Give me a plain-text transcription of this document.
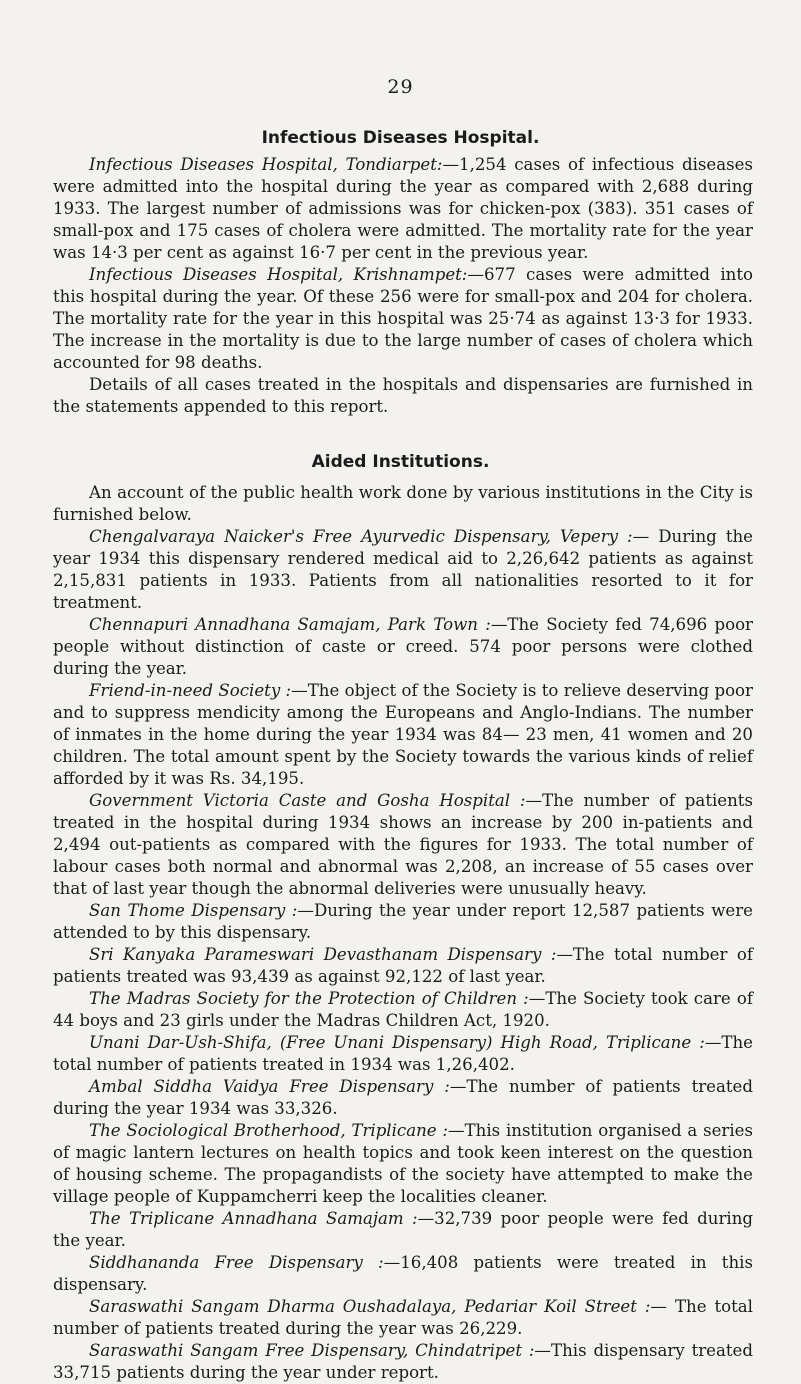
29
Infectious Diseases Hospital.

Infectious Diseases Hospital, Tondiarpet:—1,254 cases of infectious diseases were admitted into the hospital during the year as compared with 2,688 during 1933. The largest number of admissions was for chicken-pox (383). 351 cases of small-pox and 175 cases of cholera were admitted. The mortality rate for the year was 14·3 per cent as against 16·7 per cent in the previous year.

Infectious Diseases Hospital, Krishnampet:—677 cases were admitted into this hospital during the year. Of these 256 were for small-pox and 204 for cholera. The mortality rate for the year in this hospital was 25·74 as against 13·3 for 1933. The increase in the mortality is due to the large number of cases of cholera which accounted for 98 deaths.

Details of all cases treated in the hospitals and dispensaries are furnished in the statements appended to this report.

Aided Institutions.

An account of the public health work done by various institutions in the City is furnished below.

Chengalvaraya Naicker's Free Ayurvedic Dispensary, Vepery :— During the year 1934 this dispensary rendered medical aid to 2,26,642 patients as against 2,15,831 patients in 1933. Patients from all nationalities resorted to it for treatment.

Chennapuri Annadhana Samajam, Park Town :—The Society fed 74,696 poor people without distinction of caste or creed. 574 poor persons were clothed during the year.

Friend-in-need Society :—The object of the Society is to relieve deserving poor and to suppress mendicity among the Europeans and Anglo-Indians. The number of inmates in the home during the year 1934 was 84— 23 men, 41 women and 20 children. The total amount spent by the Society towards the various kinds of relief afforded by it was Rs. 34,195.

Government Victoria Caste and Gosha Hospital :—The number of patients treated in the hospital during 1934 shows an increase by 200 in-patients and 2,494 out-patients as compared with the figures for 1933. The total number of labour cases both normal and abnormal was 2,208, an increase of 55 cases over that of last year though the abnormal deliveries were unusually heavy.

San Thome Dispensary :—During the year under report 12,587 patients were attended to by this dispensary.

Sri Kanyaka Parameswari Devasthanam Dispensary :—The total number of patients treated was 93,439 as against 92,122 of last year.

The Madras Society for the Protection of Children :—The Society took care of 44 boys and 23 girls under the Madras Children Act, 1920.

Unani Dar-Ush-Shifa, (Free Unani Dispensary) High Road, Triplicane :—The total number of patients treated in 1934 was 1,26,402.

Ambal Siddha Vaidya Free Dispensary :—The number of patients treated during the year 1934 was 33,326.

The Sociological Brotherhood, Triplicane :—This institution organised a series of magic lantern lectures on health topics and took keen interest on the question of housing scheme. The propagandists of the society have attempted to make the village people of Kuppamcherri keep the localities cleaner.

The Triplicane Annadhana Samajam :—32,739 poor people were fed during the year.

Siddhananda Free Dispensary :—16,408 patients were treated in this dispensary.

Saraswathi Sangam Dharma Oushadalaya, Pedariar Koil Street :— The total number of patients treated during the year was 26,229.

Saraswathi Sangam Free Dispensary, Chindatripet :—This dispensary treated 33,715 patients during the year under report.
